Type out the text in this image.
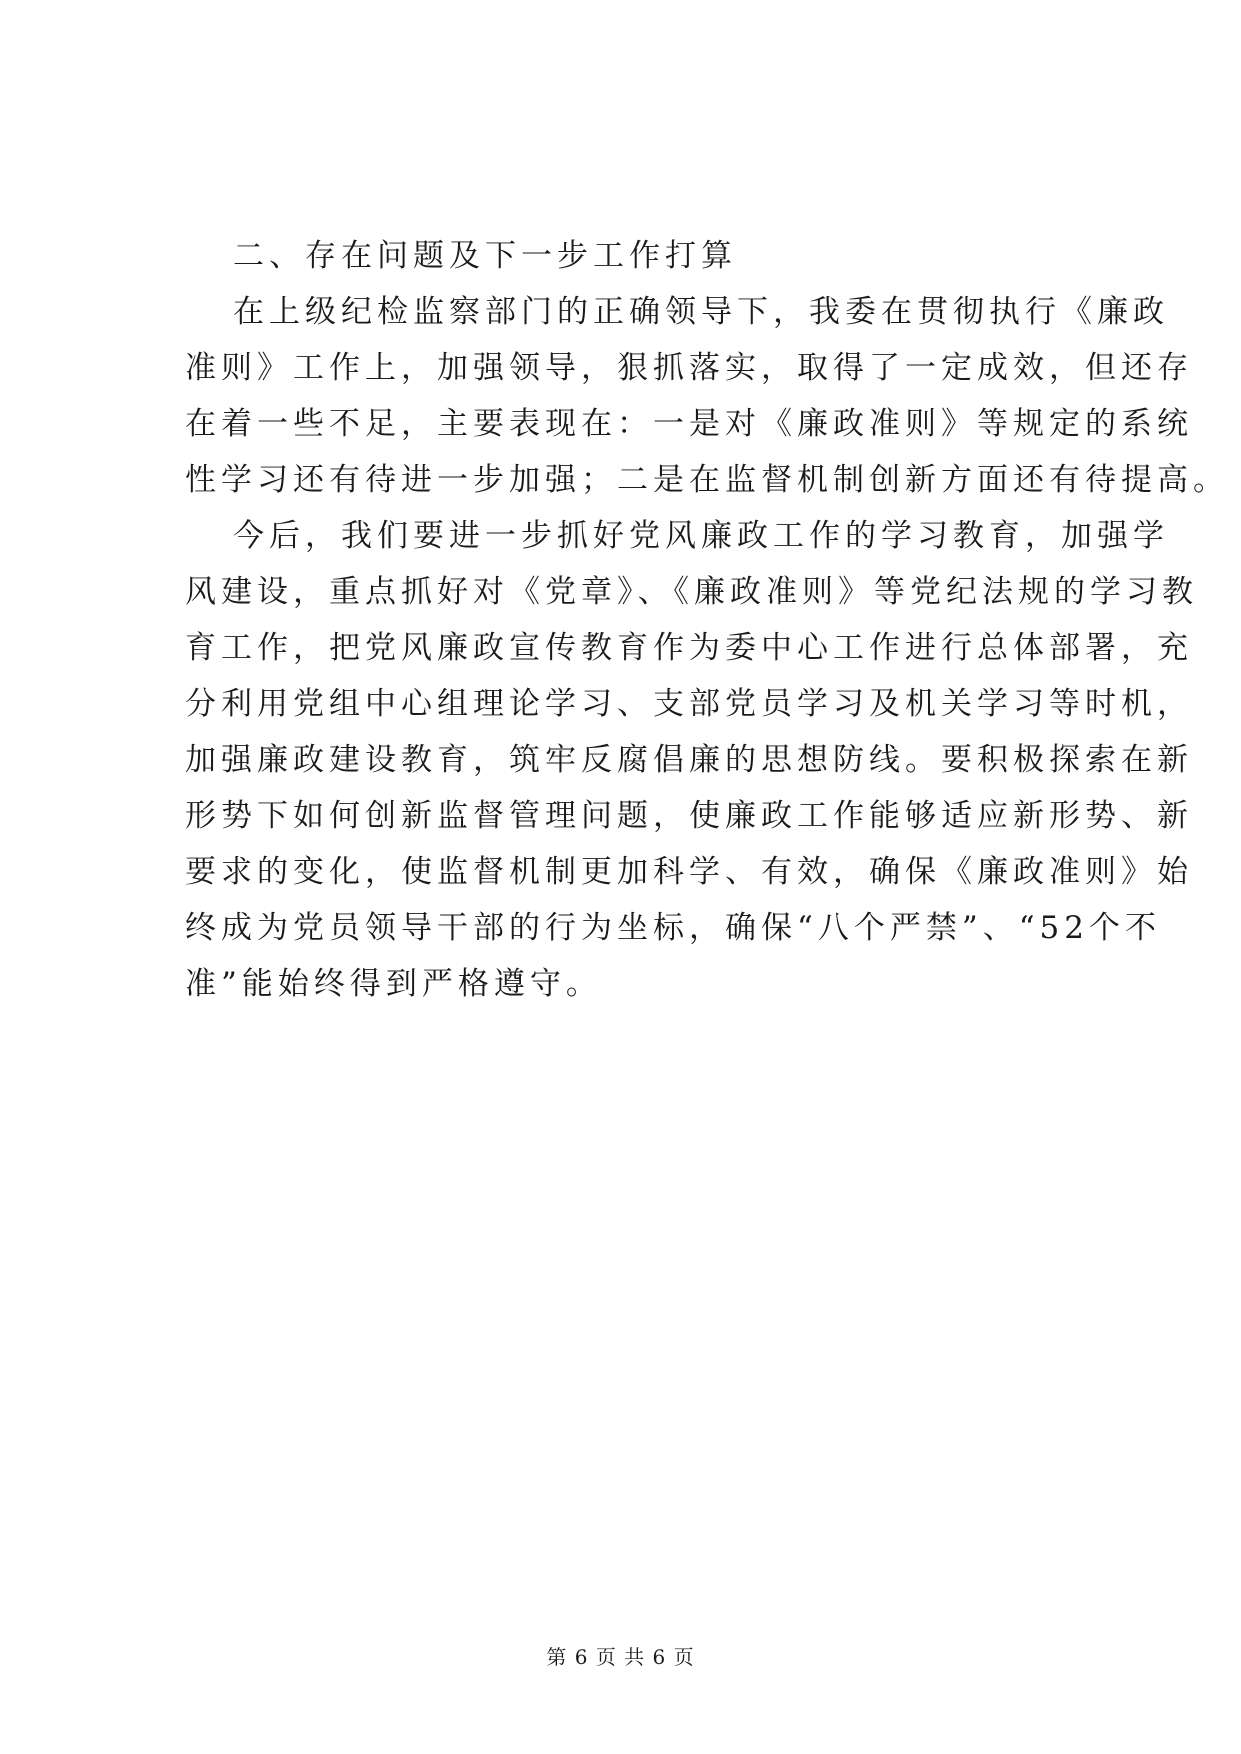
二、存在问题及下一步工作打算
在上级纪检监察部门的正确领导下，我委在贯彻执行《廉政
准则》工作上，加强领导，狠抓落实，取得了一定成效，但还存
在着一些不足，主要表现在：一是对《廉政准则》等规定的系统
性学习还有待进一步加强；二是在监督机制创新方面还有待提高。
今后，我们要进一步抓好党风廉政工作的学习教育，加强学
风建设，重点抓好对《党章》、《廉政准则》等党纪法规的学习教
育工作，把党风廉政宣传教育作为委中心工作进行总体部署，充
分利用党组中心组理论学习、支部党员学习及机关学习等时机，
加强廉政建设教育，筑牢反腐倡廉的思想防线。要积极探索在新
形势下如何创新监督管理问题，使廉政工作能够适应新形势、新
要求的变化，使监督机制更加科学、有效，确保《廉政准则》始
终成为党员领导干部的行为坐标，确保“八个严禁”、“52个不
准”能始终得到严格遵守。
第 6 页 共 6 页
